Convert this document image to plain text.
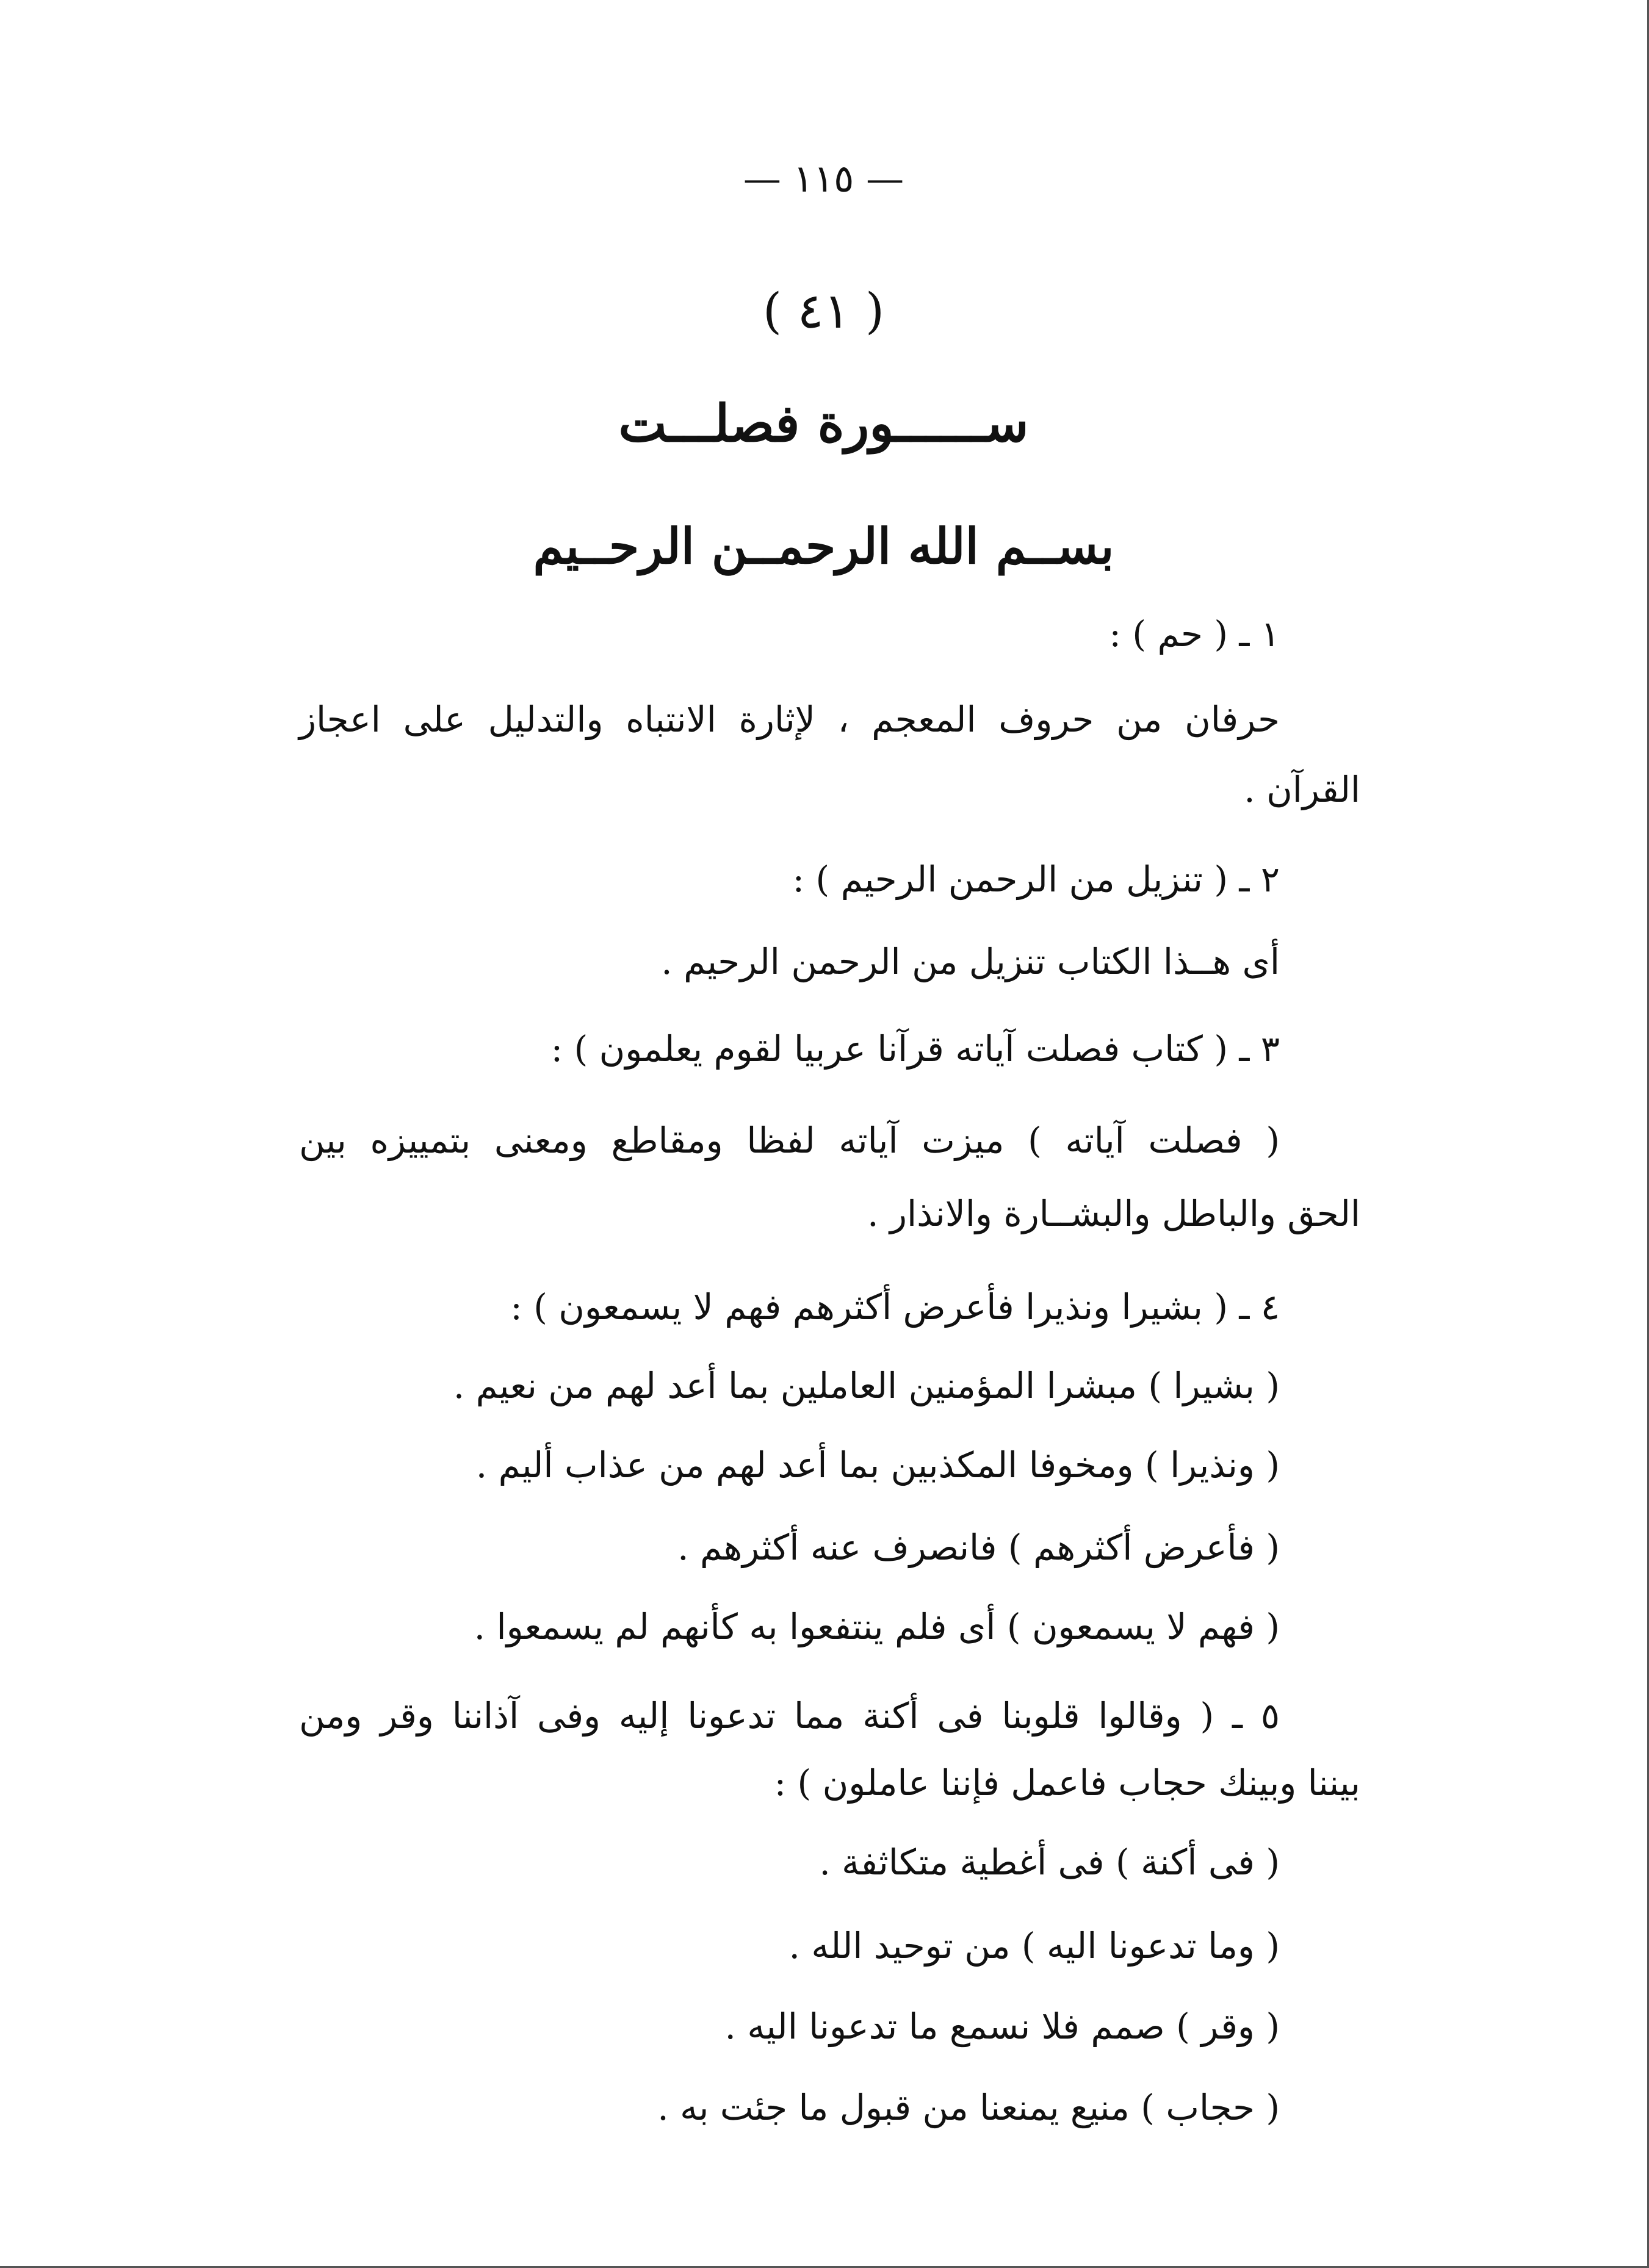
— ١١٥ —
( ٤١ )
ســــــورة فصلـــت
بســم الله الرحمــن الرحــيم
١ ـ ( حم ) :
حرفان من حروف المعجم ، لإثارة الانتباه والتدليل على اعجاز
القرآن .
٢ ـ ( تنزيل من الرحمن الرحيم ) :
أى هــذا الكتاب تنزيل من الرحمن الرحيم .
٣ ـ ( كتاب فصلت آياته قرآنا عربيا لقوم يعلمون ) :
( فصلت آياته ) ميزت آياته لفظا ومقاطع ومعنى بتمييزه بين
الحق والباطل والبشــارة والانذار .
٤ ـ ( بشيرا ونذيرا فأعرض أكثرهم فهم لا يسمعون ) :
( بشيرا ) مبشرا المؤمنين العاملين بما أعد لهم من نعيم .
( ونذيرا ) ومخوفا المكذبين بما أعد لهم من عذاب أليم .
( فأعرض أكثرهم ) فانصرف عنه أكثرهم .
( فهم لا يسمعون ) أى فلم ينتفعوا به كأنهم لم يسمعوا .
٥ ـ ( وقالوا قلوبنا فى أكنة مما تدعونا إليه وفى آذاننا وقر ومن
بيننا وبينك حجاب فاعمل فإننا عاملون ) :
( فى أكنة ) فى أغطية متكاثفة .
( وما تدعونا اليه ) من توحيد الله .
( وقر ) صمم فلا نسمع ما تدعونا اليه .
( حجاب ) منيع يمنعنا من قبول ما جئت به .
